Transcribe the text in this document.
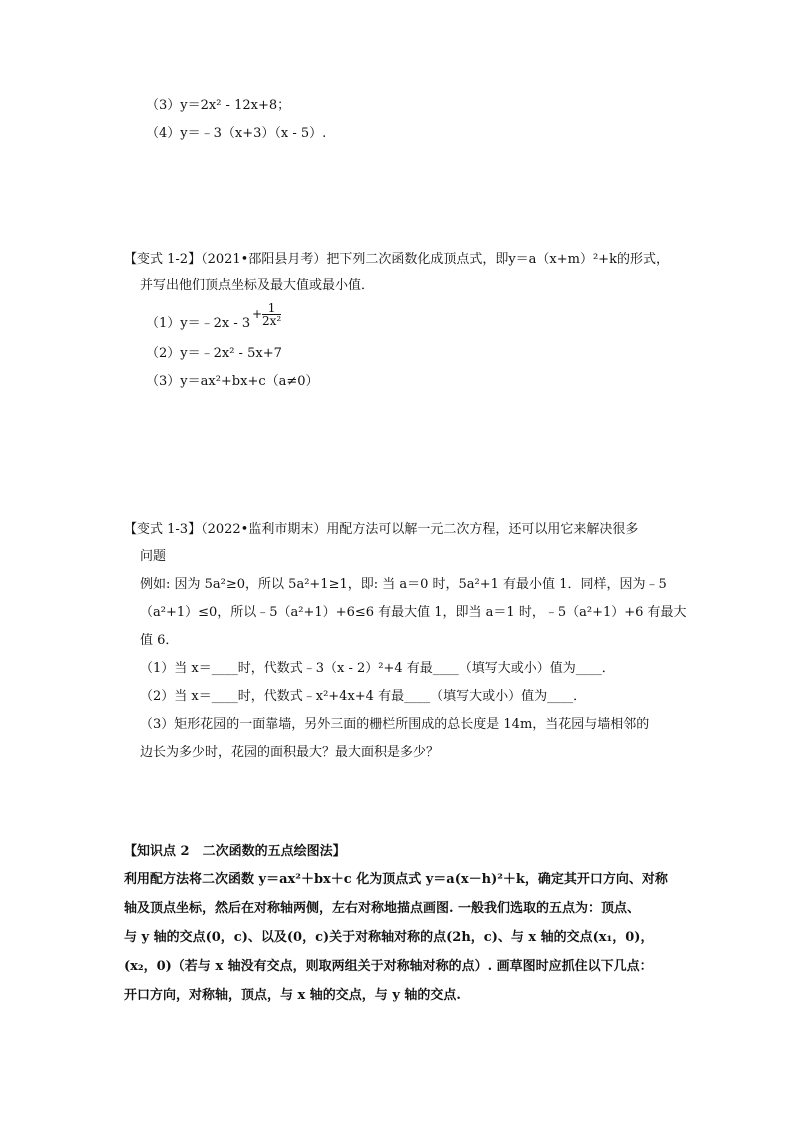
（3）y＝2x² - 12x+8；
（4）y＝﹣3（x+3）（x - 5）.
【变式 1-2】（2021•邵阳县月考）把下列二次函数化成顶点式，即y＝a（x+m）²+k的形式，
并写出他们顶点坐标及最大值或最小值．
（1）y＝﹣2x - 3
+ 1
2x²
（2）y＝﹣2x² - 5x+7
（3）y＝ax²+bx+c（a≠0）
【变式 1-3】（2022•监利市期末）用配方法可以解一元二次方程，还可以用它来解决很多
问题
例如: 因为 5a²≥0，所以 5a²+1≥1，即: 当 a＝0 时，5a²+1 有最小值 1．同样，因为﹣5
（a²+1）≤0，所以﹣5（a²+1）+6≤6 有最大值 1，即当 a＝1 时，﹣5（a²+1）+6 有最大
值 6．
（1）当 x＝____时，代数式﹣3（x - 2）²+4 有最____（填写大或小）值为____．
（2）当 x＝____时，代数式﹣x²+4x+4 有最____（填写大或小）值为____．
（3）矩形花园的一面靠墙，另外三面的栅栏所围成的总长度是 14m，当花园与墙相邻的
边长为多少时，花园的面积最大？最大面积是多少？
【知识点 2　二次函数的五点绘图法】
利用配方法将二次函数 y＝ax²＋bx＋c 化为顶点式 y＝a(x－h)²＋k，确定其开口方向、对称
轴及顶点坐标，然后在对称轴两侧，左右对称地描点画图. 一般我们选取的五点为：顶点、
与 y 轴的交点(0，c)、以及(0，c)关于对称轴对称的点(2h，c)、与 x 轴的交点(x₁，0)，
(x₂，0)（若与 x 轴没有交点，则取两组关于对称轴对称的点）. 画草图时应抓住以下几点：
开口方向，对称轴，顶点，与 x 轴的交点，与 y 轴的交点.
